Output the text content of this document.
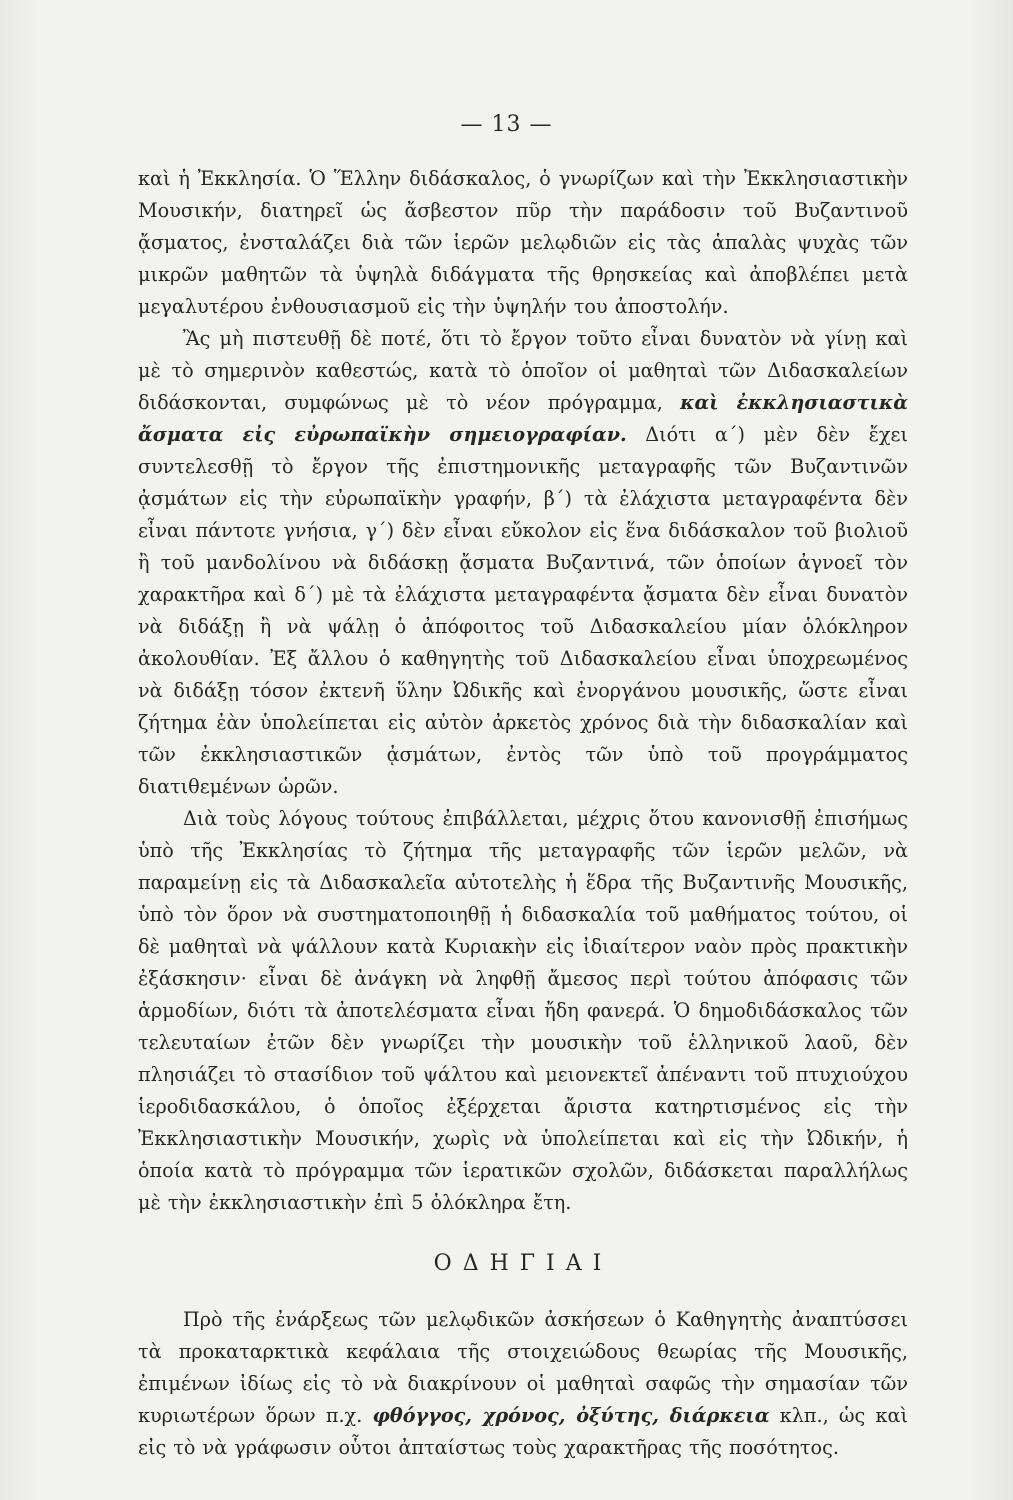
— 13 —

καὶ ἡ Ἐκκλησία. Ὁ Ἕλλην διδάσκαλος, ὁ γνωρίζων καὶ τὴν Ἐκκλησιαστικὴν Μουσικήν, διατηρεῖ ὡς ἄσβεστον πῦρ τὴν παράδοσιν τοῦ Βυζαντινοῦ ᾄσματος, ἐνσταλάζει διὰ τῶν ἱερῶν μελῳδιῶν εἰς τὰς ἁπαλὰς ψυχὰς τῶν μικρῶν μαθητῶν τὰ ὑψηλὰ διδάγματα τῆς θρησκείας καὶ ἀποβλέπει μετὰ μεγαλυτέρου ἐνθουσιασμοῦ εἰς τὴν ὑψηλήν του ἀποστολήν.

Ἂς μὴ πιστευθῇ δὲ ποτέ, ὅτι τὸ ἔργον τοῦτο εἶναι δυνατὸν νὰ γίνῃ καὶ μὲ τὸ σημερινὸν καθεστώς, κατὰ τὸ ὁποῖον οἱ μαθηταὶ τῶν Διδασκαλείων διδάσκονται, συμφώνως μὲ τὸ νέον πρόγραμμα, καὶ ἐκκλησιαστικὰ ἄσματα εἰς εὐρωπαϊκὴν σημειογραφίαν. Διότι α΄) μὲν δὲν ἔχει συντελεσθῇ τὸ ἔργον τῆς ἐπιστημονικῆς μεταγραφῆς τῶν Βυζαντινῶν ᾀσμάτων εἰς τὴν εὐρωπαϊκὴν γραφήν, β΄) τὰ ἐλάχιστα μεταγραφέντα δὲν εἶναι πάντοτε γνήσια, γ΄) δὲν εἶναι εὔκολον εἰς ἕνα διδάσκαλον τοῦ βιολιοῦ ἢ τοῦ μανδολίνου νὰ διδάσκῃ ᾄσματα Βυζαντινά, τῶν ὁποίων ἀγνοεῖ τὸν χαρακτῆρα καὶ δ΄) μὲ τὰ ἐλάχιστα μεταγραφέντα ᾄσματα δὲν εἶναι δυνατὸν νὰ διδάξῃ ἢ νὰ ψάλῃ ὁ ἀπόφοιτος τοῦ Διδασκαλείου μίαν ὁλόκληρον ἀκολουθίαν. Ἐξ ἄλλου ὁ καθηγητὴς τοῦ Διδασκαλείου εἶναι ὑποχρεωμένος νὰ διδάξῃ τόσον ἐκτενῆ ὕλην Ὠδικῆς καὶ ἐνοργάνου μουσικῆς, ὥστε εἶναι ζήτημα ἐὰν ὑπολείπεται εἰς αὐτὸν ἀρκετὸς χρόνος διὰ τὴν διδασκαλίαν καὶ τῶν ἐκκλησιαστικῶν ᾀσμάτων, ἐντὸς τῶν ὑπὸ τοῦ προγράμματος διατιθεμένων ὡρῶν.

Διὰ τοὺς λόγους τούτους ἐπιβάλλεται, μέχρις ὅτου κανονισθῇ ἐπισήμως ὑπὸ τῆς Ἐκκλησίας τὸ ζήτημα τῆς μεταγραφῆς τῶν ἱερῶν μελῶν, νὰ παραμείνῃ εἰς τὰ Διδασκαλεῖα αὐτοτελὴς ἡ ἕδρα τῆς Βυζαντινῆς Μουσικῆς, ὑπὸ τὸν ὅρον νὰ συστηματοποιηθῇ ἡ διδασκαλία τοῦ μαθήματος τούτου, οἱ δὲ μαθηταὶ νὰ ψάλλουν κατὰ Κυριακὴν εἰς ἰδιαίτερον ναὸν πρὸς πρακτικὴν ἐξάσκησιν· εἶναι δὲ ἀνάγκη νὰ ληφθῇ ἄμεσος περὶ τούτου ἀπόφασις τῶν ἁρμοδίων, διότι τὰ ἀποτελέσματα εἶναι ἤδη φανερά. Ὁ δημοδιδάσκαλος τῶν τελευταίων ἐτῶν δὲν γνωρίζει τὴν μουσικὴν τοῦ ἑλληνικοῦ λαοῦ, δὲν πλησιάζει τὸ στασίδιον τοῦ ψάλτου καὶ μειονεκτεῖ ἀπέναντι τοῦ πτυχιούχου ἱεροδιδασκάλου, ὁ ὁποῖος ἐξέρχεται ἄριστα κατηρτισμένος εἰς τὴν Ἐκκλησιαστικὴν Μουσικήν, χωρὶς νὰ ὑπολείπεται καὶ εἰς τὴν Ὠδικήν, ἡ ὁποία κατὰ τὸ πρόγραμμα τῶν ἱερατικῶν σχολῶν, διδάσκεται παραλλήλως μὲ τὴν ἐκκλησιαστικὴν ἐπὶ 5 ὁλόκληρα ἔτη.

ΟΔΗΓΙΑΙ

Πρὸ τῆς ἐνάρξεως τῶν μελῳδικῶν ἀσκήσεων ὁ Καθηγητὴς ἀναπτύσσει τὰ προκαταρκτικὰ κεφάλαια τῆς στοιχειώδους θεωρίας τῆς Μουσικῆς, ἐπιμένων ἰδίως εἰς τὸ νὰ διακρίνουν οἱ μαθηταὶ σαφῶς τὴν σημασίαν τῶν κυριωτέρων ὅρων π.χ. φθόγγος, χρόνος, ὀξύτης, διάρκεια κλπ., ὡς καὶ εἰς τὸ νὰ γράφωσιν οὗτοι ἀπταίστως τοὺς χαρακτῆρας τῆς ποσότητος.
